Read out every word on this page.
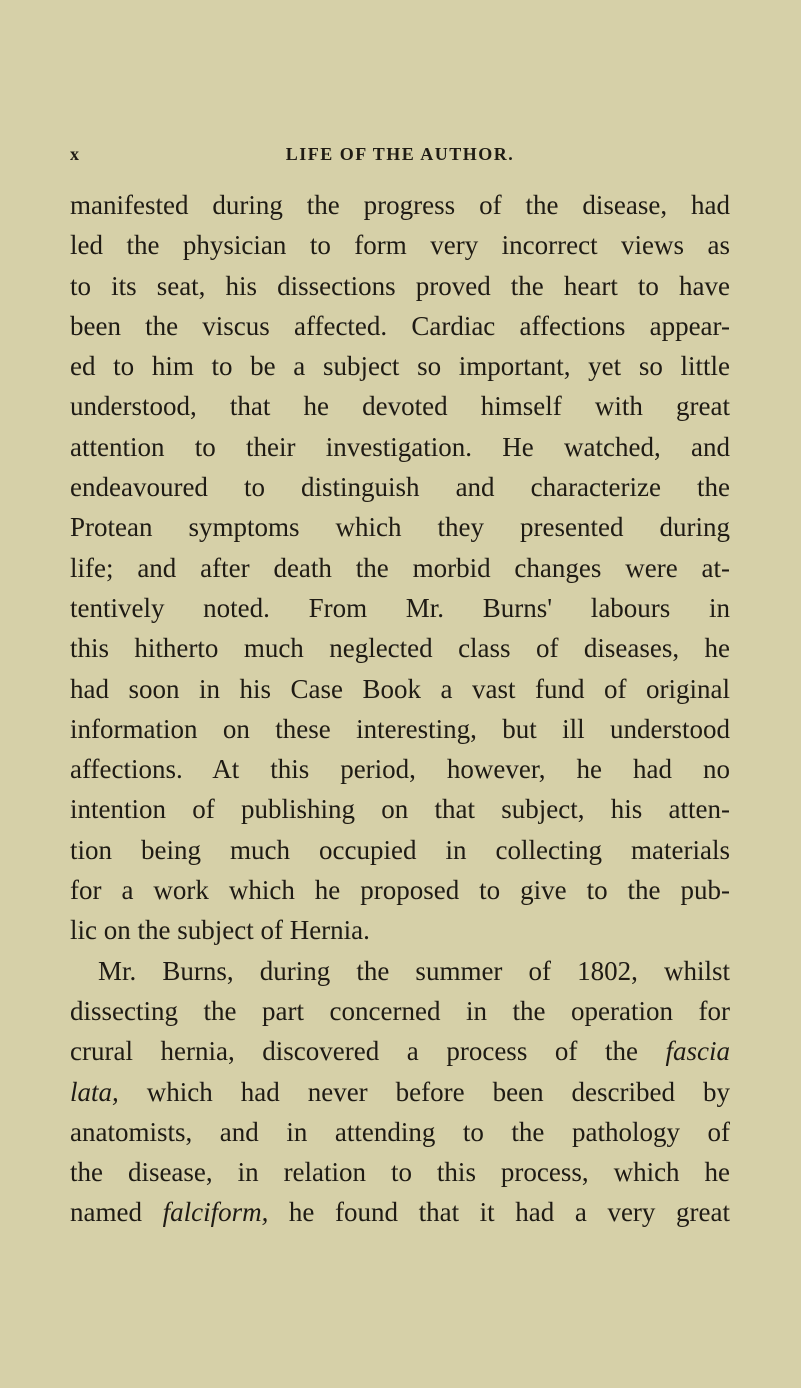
x	LIFE OF THE AUTHOR.
manifested during the progress of the disease, had
led the physician to form very incorrect views as
to its seat, his dissections proved the heart to have
been the viscus affected. Cardiac affections appear-
ed to him to be a subject so important, yet so little
understood, that he devoted himself with great
attention to their investigation. He watched, and
endeavoured to distinguish and characterize the
Protean symptoms which they presented during
life; and after death the morbid changes were at-
tentively noted. From Mr. Burns' labours in
this hitherto much neglected class of diseases, he
had soon in his Case Book a vast fund of original
information on these interesting, but ill understood
affections. At this period, however, he had no
intention of publishing on that subject, his atten-
tion being much occupied in collecting materials
for a work which he proposed to give to the pub-
lic on the subject of Hernia.
Mr. Burns, during the summer of 1802, whilst
dissecting the part concerned in the operation for
crural hernia, discovered a process of the fascia
lata, which had never before been described by
anatomists, and in attending to the pathology of
the disease, in relation to this process, which he
named falciform, he found that it had a very great
